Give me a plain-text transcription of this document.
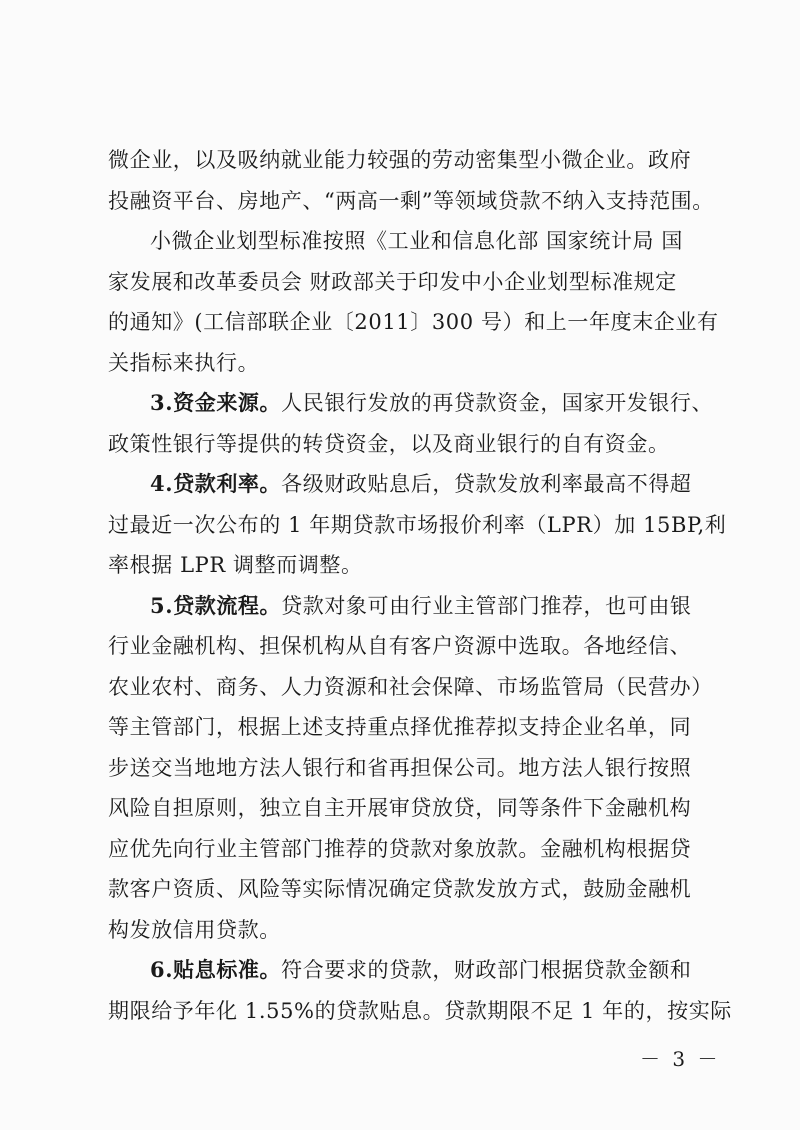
微企业，以及吸纳就业能力较强的劳动密集型小微企业。政府
投融资平台、房地产、“两高一剩”等领域贷款不纳入支持范围。
小微企业划型标准按照《工业和信息化部 国家统计局 国
家发展和改革委员会 财政部关于印发中小企业划型标准规定
的通知》(工信部联企业〔2011〕300 号）和上一年度末企业有
关指标来执行。
3.资金来源。人民银行发放的再贷款资金，国家开发银行、
政策性银行等提供的转贷资金，以及商业银行的自有资金。
4.贷款利率。各级财政贴息后，贷款发放利率最高不得超
过最近一次公布的 1 年期贷款市场报价利率（LPR）加 15BP,利
率根据 LPR 调整而调整。
5.贷款流程。贷款对象可由行业主管部门推荐，也可由银
行业金融机构、担保机构从自有客户资源中选取。各地经信、
农业农村、商务、人力资源和社会保障、市场监管局（民营办）
等主管部门，根据上述支持重点择优推荐拟支持企业名单，同
步送交当地地方法人银行和省再担保公司。地方法人银行按照
风险自担原则，独立自主开展审贷放贷，同等条件下金融机构
应优先向行业主管部门推荐的贷款对象放款。金融机构根据贷
款客户资质、风险等实际情况确定贷款发放方式，鼓励金融机
构发放信用贷款。
6.贴息标准。符合要求的贷款，财政部门根据贷款金额和
期限给予年化 1.55%的贷款贴息。贷款期限不足 1 年的，按实际
－ 3 －
